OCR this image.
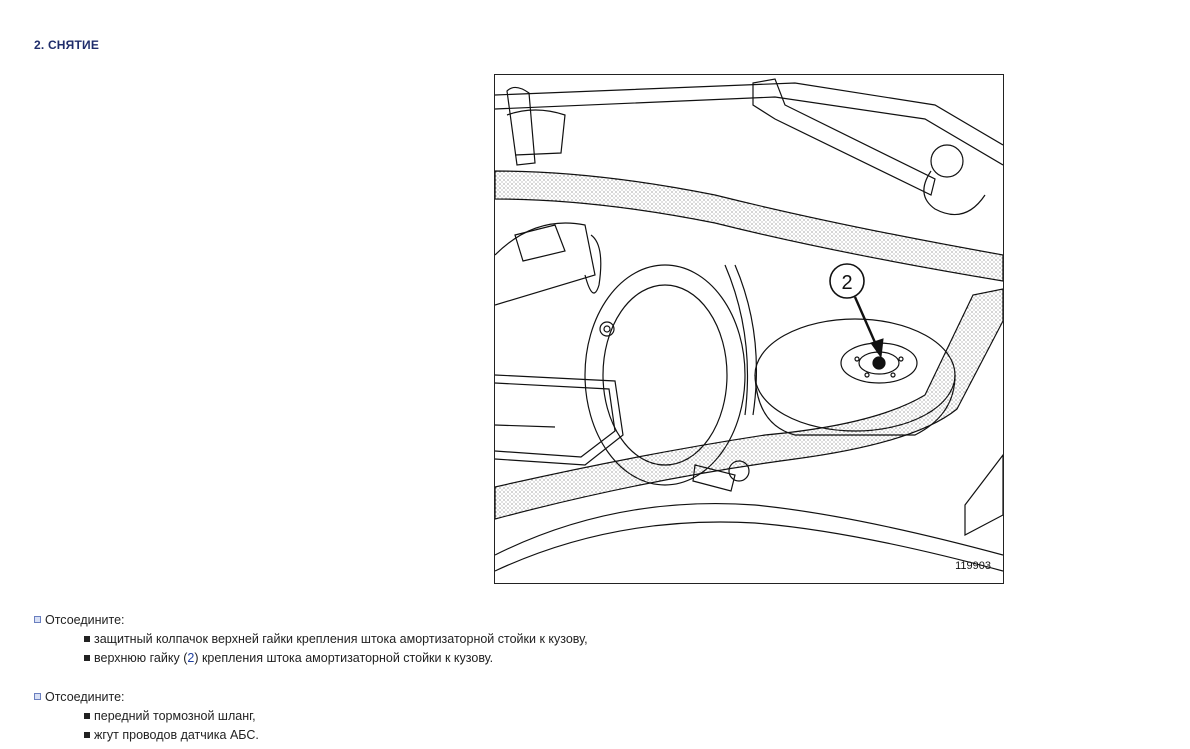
2. СНЯТИЕ
2
119903
Отсоедините:
защитный колпачок верхней гайки крепления штока амортизаторной стойки к кузову,
верхнюю гайку (2) крепления штока амортизаторной стойки к кузову.
Отсоедините:
передний тормозной шланг,
жгут проводов датчика АБС.
